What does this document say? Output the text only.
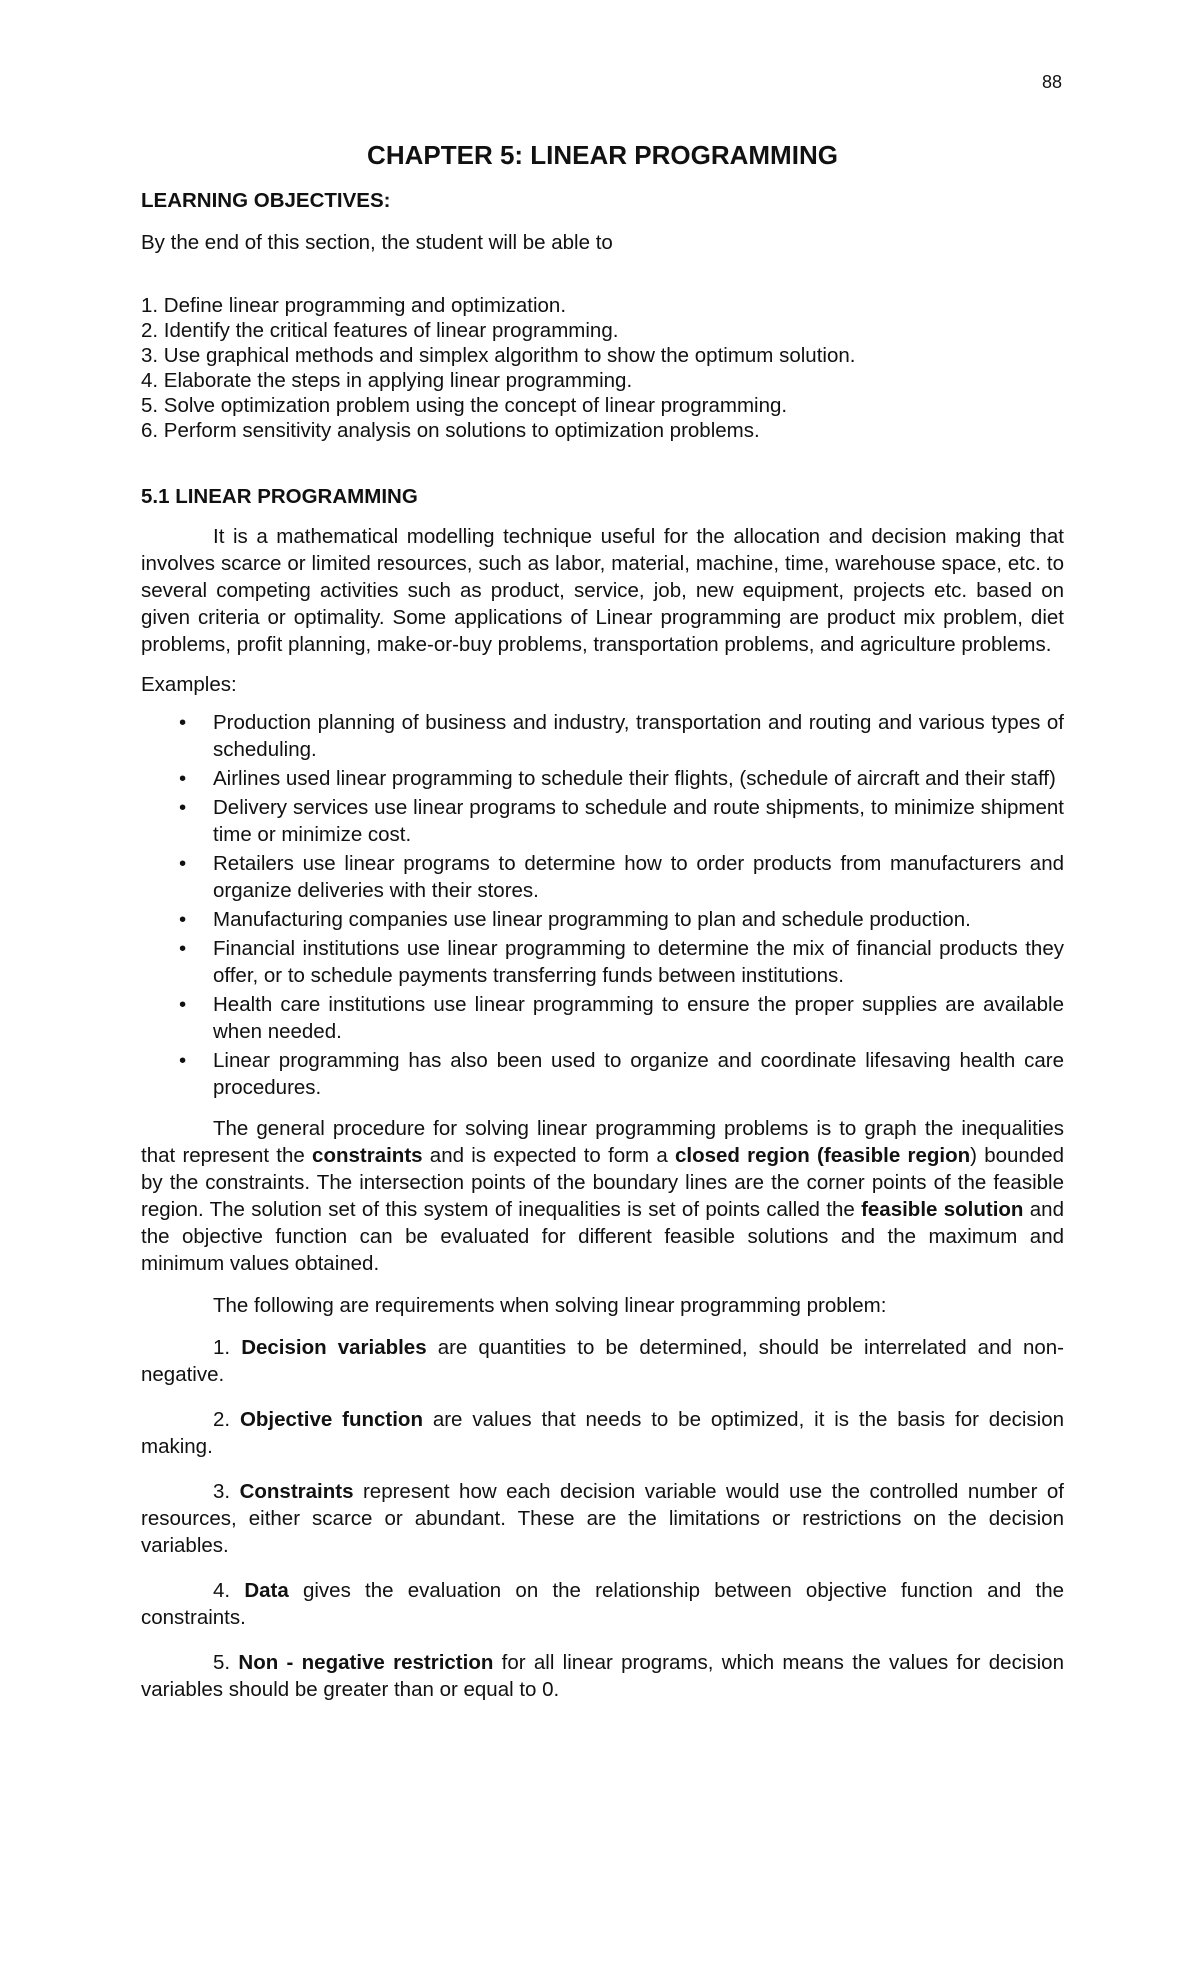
88
CHAPTER 5: LINEAR PROGRAMMING
LEARNING OBJECTIVES:
By the end of this section, the student will be able to
1. Define linear programming and optimization.
2. Identify the critical features of linear programming.
3. Use graphical methods and simplex algorithm to show the optimum solution.
4. Elaborate the steps in applying linear programming.
5. Solve optimization problem using the concept of linear programming.
6. Perform sensitivity analysis on solutions to optimization problems.
5.1 LINEAR PROGRAMMING

It is a mathematical modelling technique useful for the allocation and decision making that involves scarce or limited resources, such as labor, material, machine, time, warehouse space, etc. to several competing activities such as product, service, job, new equipment, projects etc. based on given criteria or optimality. Some applications of Linear programming are product mix problem, diet problems, profit planning, make-or-buy problems, transportation problems, and agriculture problems.

Examples:
• Production planning of business and industry, transportation and routing and various types of scheduling.
• Airlines used linear programming to schedule their flights, (schedule of aircraft and their staff)
• Delivery services use linear programs to schedule and route shipments, to minimize shipment time or minimize cost.
• Retailers use linear programs to determine how to order products from manufacturers and organize deliveries with their stores.
• Manufacturing companies use linear programming to plan and schedule production.
• Financial institutions use linear programming to determine the mix of financial products they offer, or to schedule payments transferring funds between institutions.
• Health care institutions use linear programming to ensure the proper supplies are available when needed.
• Linear programming has also been used to organize and coordinate lifesaving health care procedures.

The general procedure for solving linear programming problems is to graph the inequalities that represent the constraints and is expected to form a closed region (feasible region) bounded by the constraints. The intersection points of the boundary lines are the corner points of the feasible region. The solution set of this system of inequalities is set of points called the feasible solution and the objective function can be evaluated for different feasible solutions and the maximum and minimum values obtained.

The following are requirements when solving linear programming problem:

1. Decision variables are quantities to be determined, should be interrelated and non-negative.

2. Objective function are values that needs to be optimized, it is the basis for decision making.

3. Constraints represent how each decision variable would use the controlled number of resources, either scarce or abundant. These are the limitations or restrictions on the decision variables.

4. Data gives the evaluation on the relationship between objective function and the constraints.

5. Non - negative restriction for all linear programs, which means the values for decision variables should be greater than or equal to 0.
